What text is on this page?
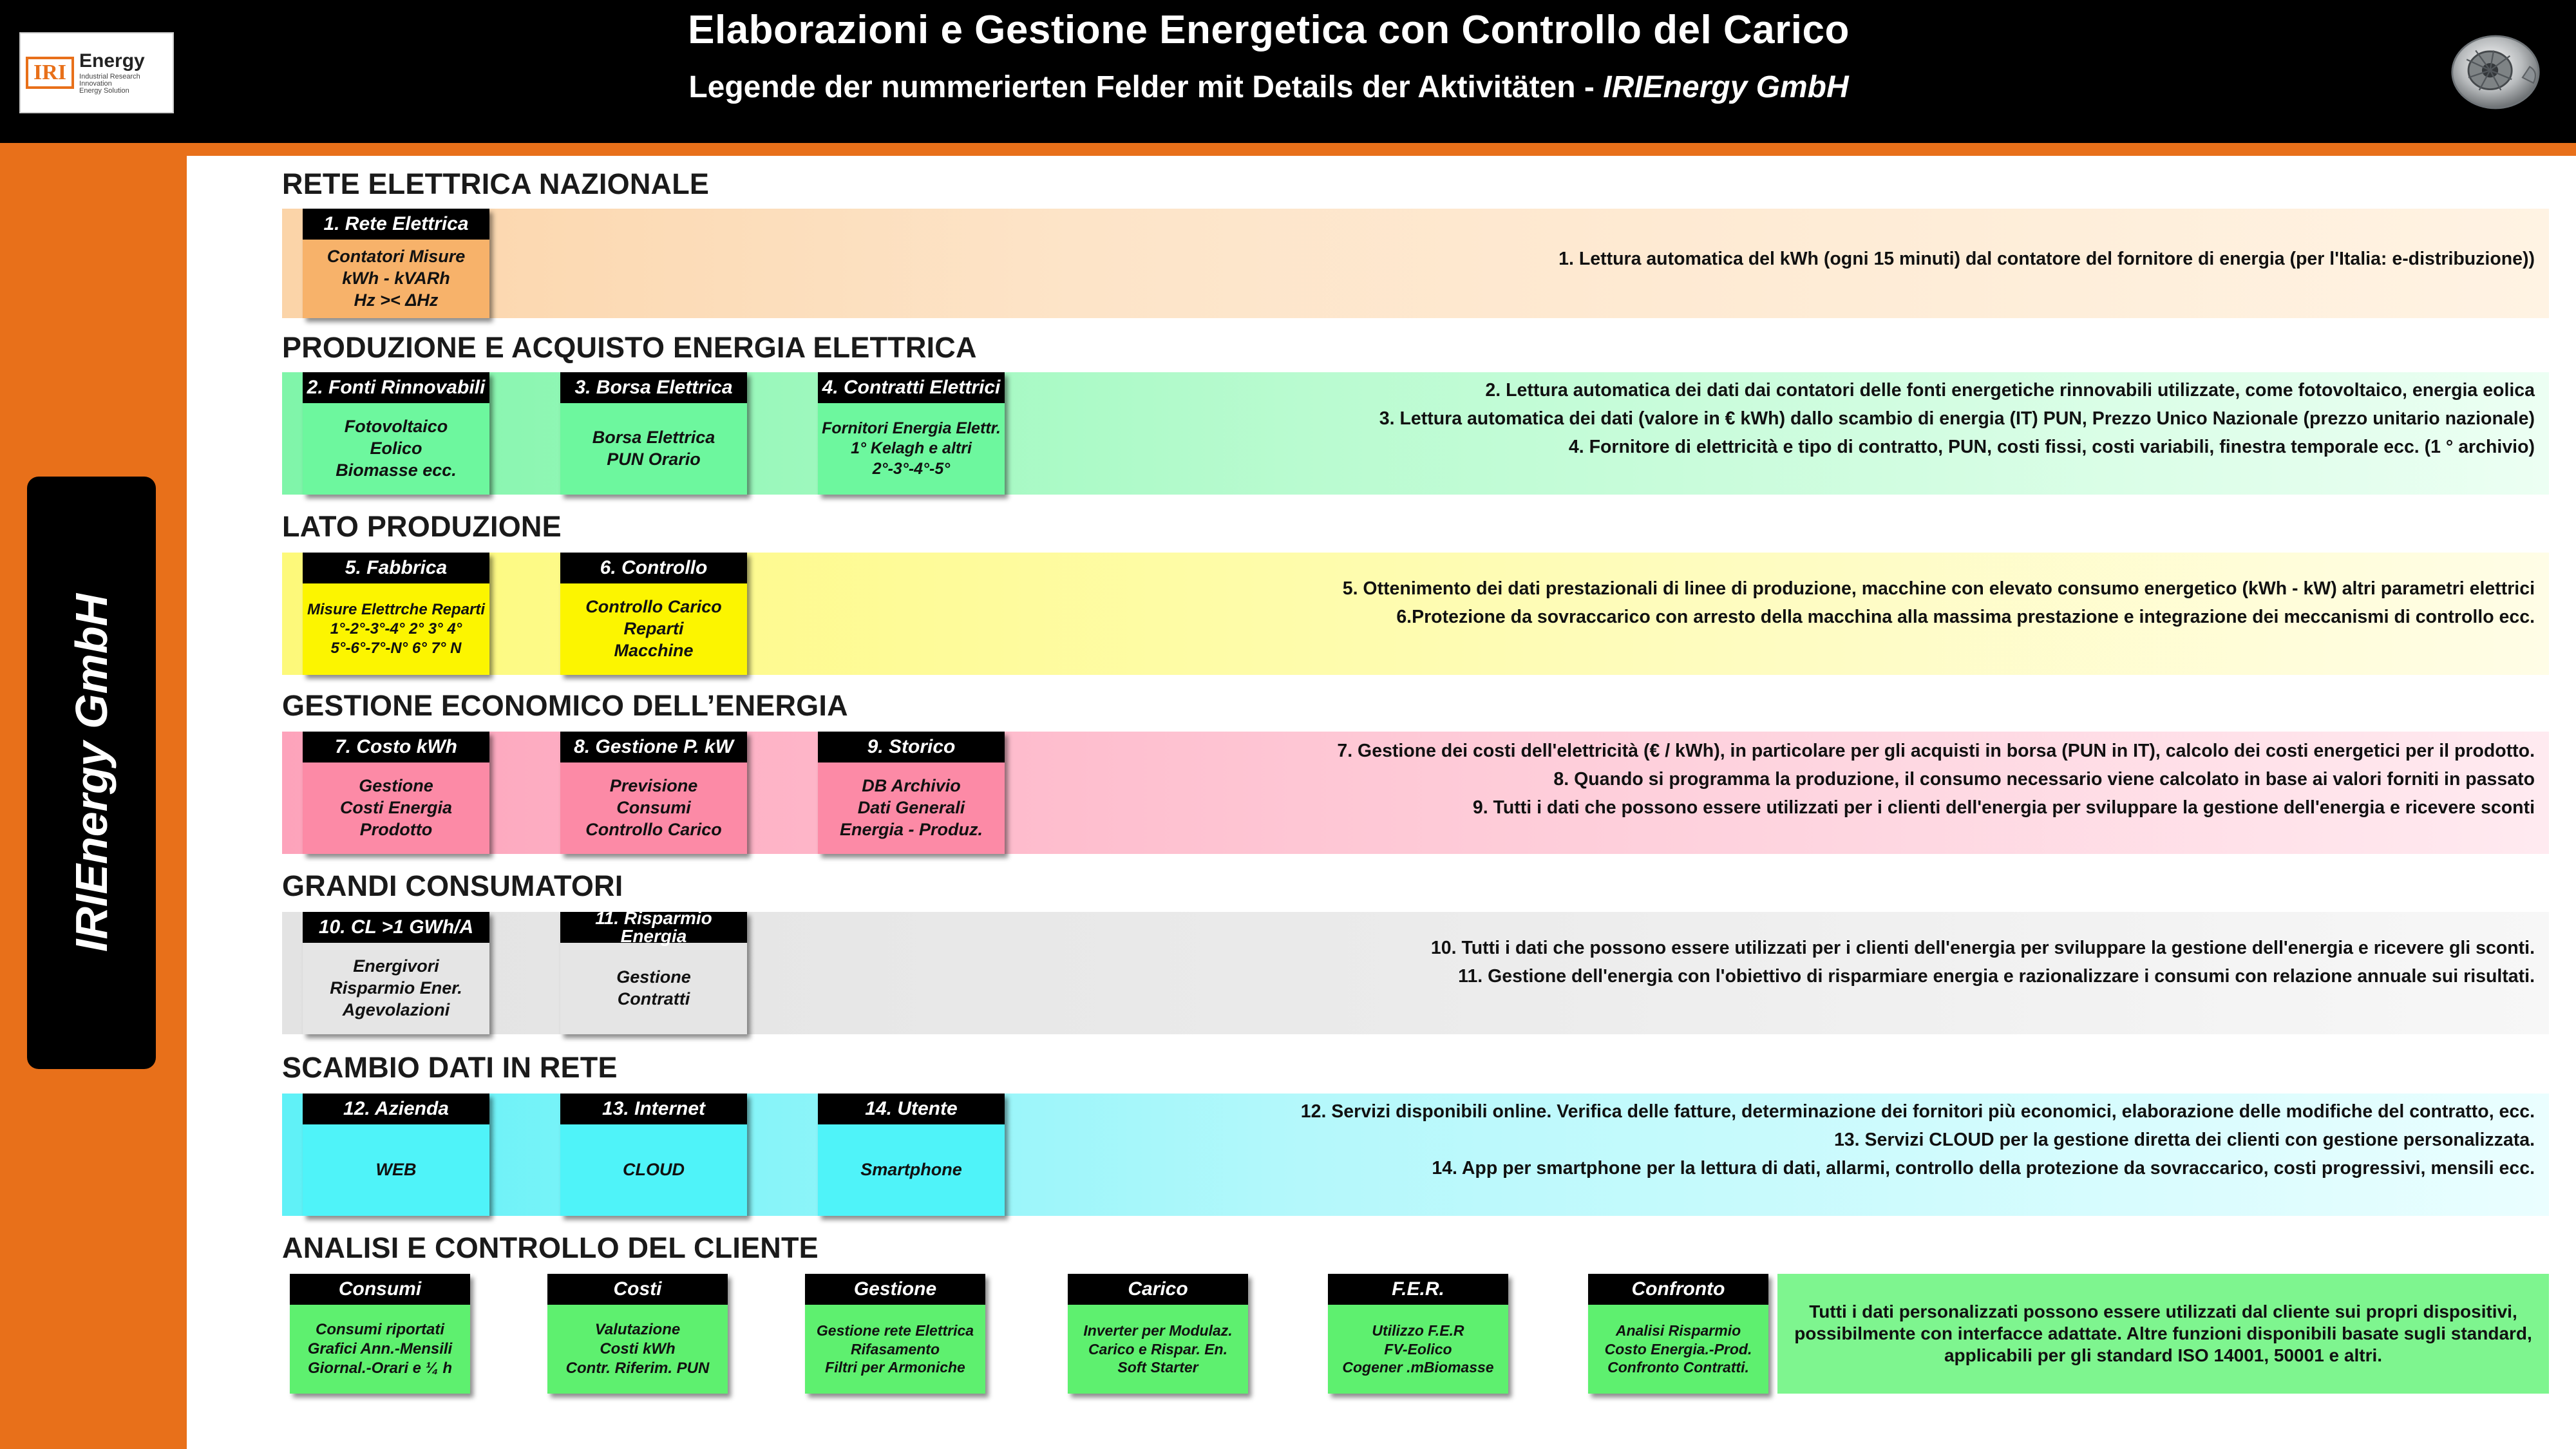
IRI Energy
Industrial Research Innovation
Energy Solution
Elaborazioni e Gestione Energetica con Controllo del Carico
Legende der nummerierten Felder mit Details der Aktivitäten - IRIEnergy GmbH
IRIEnergy GmbH
RETE ELETTRICA NAZIONALE
1. Rete Elettrica
Contatori Misure
kWh - kVARh
Hz >< ΔHz

1. Lettura automatica del kWh (ogni 15 minuti) dal contatore del fornitore di energia (per l'Italia: e-distribuzione))

PRODUZIONE E ACQUISTO ENERGIA ELETTRICA
2. Fonti Rinnovabili
Fotovoltaico
Eolico
Biomasse ecc.
3. Borsa Elettrica
Borsa Elettrica
PUN Orario
4. Contratti Elettrici
Fornitori Energia Elettr.
1° Kelagh e altri
2°-3°-4°-5°

2. Lettura automatica dei dati dai contatori delle fonti energetiche rinnovabili utilizzate, come fotovoltaico, energia eolica

3. Lettura automatica dei dati (valore in € kWh) dallo scambio di energia (IT) PUN, Prezzo Unico Nazionale (prezzo unitario nazionale)

4. Fornitore di elettricità e tipo di contratto, PUN, costi fissi, costi variabili, finestra temporale ecc. (1 ° archivio)

LATO PRODUZIONE
5. Fabbrica
Misure Elettrche Reparti
1°-2°-3°-4° 2° 3° 4°
5°-6°-7°-N° 6° 7° N
6. Controllo
Controllo Carico
Reparti
Macchine

5. Ottenimento dei dati prestazionali di linee di produzione, macchine con elevato consumo energetico (kWh - kW) altri parametri elettrici

6.Protezione da sovraccarico con arresto della macchina alla massima prestazione e integrazione dei meccanismi di controllo ecc.

GESTIONE ECONOMICO DELL’ENERGIA
7. Costo kWh
Gestione
Costi Energia
Prodotto
8. Gestione P. kW
Previsione
Consumi
Controllo Carico
9. Storico
DB Archivio
Dati Generali
Energia - Produz.

7. Gestione dei costi dell'elettricità (€ / kWh), in particolare per gli acquisti in borsa (PUN in IT), calcolo dei costi energetici per il prodotto.

8. Quando si programma la produzione, il consumo necessario viene calcolato in base ai valori forniti in passato

9. Tutti i dati che possono essere utilizzati per i clienti dell'energia per sviluppare la gestione dell'energia e ricevere sconti

GRANDI CONSUMATORI
10. CL >1 GWh/A
Energivori
Risparmio Ener.
Agevolazioni
11. Risparmio Energia
Gestione
Contratti

10. Tutti i dati che possono essere utilizzati per i clienti dell'energia per sviluppare la gestione dell'energia e ricevere gli sconti.

11. Gestione dell'energia con l'obiettivo di risparmiare energia e razionalizzare i consumi con relazione annuale sui risultati.

SCAMBIO DATI IN RETE
12. Azienda
WEB
13. Internet
CLOUD
14. Utente
Smartphone

12. Servizi disponibili online. Verifica delle fatture, determinazione dei fornitori più economici, elaborazione delle modifiche del contratto, ecc.

13. Servizi CLOUD per la gestione diretta dei clienti con gestione personalizzata.

14. App per smartphone per la lettura di dati, allarmi, controllo della protezione da sovraccarico, costi progressivi, mensili ecc.

ANALISI E CONTROLLO DEL CLIENTE
Consumi
Consumi riportati
Grafici Ann.-Mensili
Giornal.-Orari e ¼ h
Costi
Valutazione
Costi kWh
Contr. Riferim. PUN
Gestione
Gestione rete Elettrica
Rifasamento
Filtri per Armoniche
Carico
Inverter per Modulaz.
Carico e Rispar. En.
Soft Starter
F.E.R.
Utilizzo F.E.R
FV-Eolico
Cogener .mBiomasse
Confronto
Analisi Risparmio
Costo Energia.-Prod.
Confronto Contratti.
Tutti i dati personalizzati possono essere utilizzati dal cliente sui propri dispositivi, possibilmente con interfacce adattate. Altre funzioni disponibili basate sugli standard, applicabili per gli standard ISO 14001, 50001 e altri.
